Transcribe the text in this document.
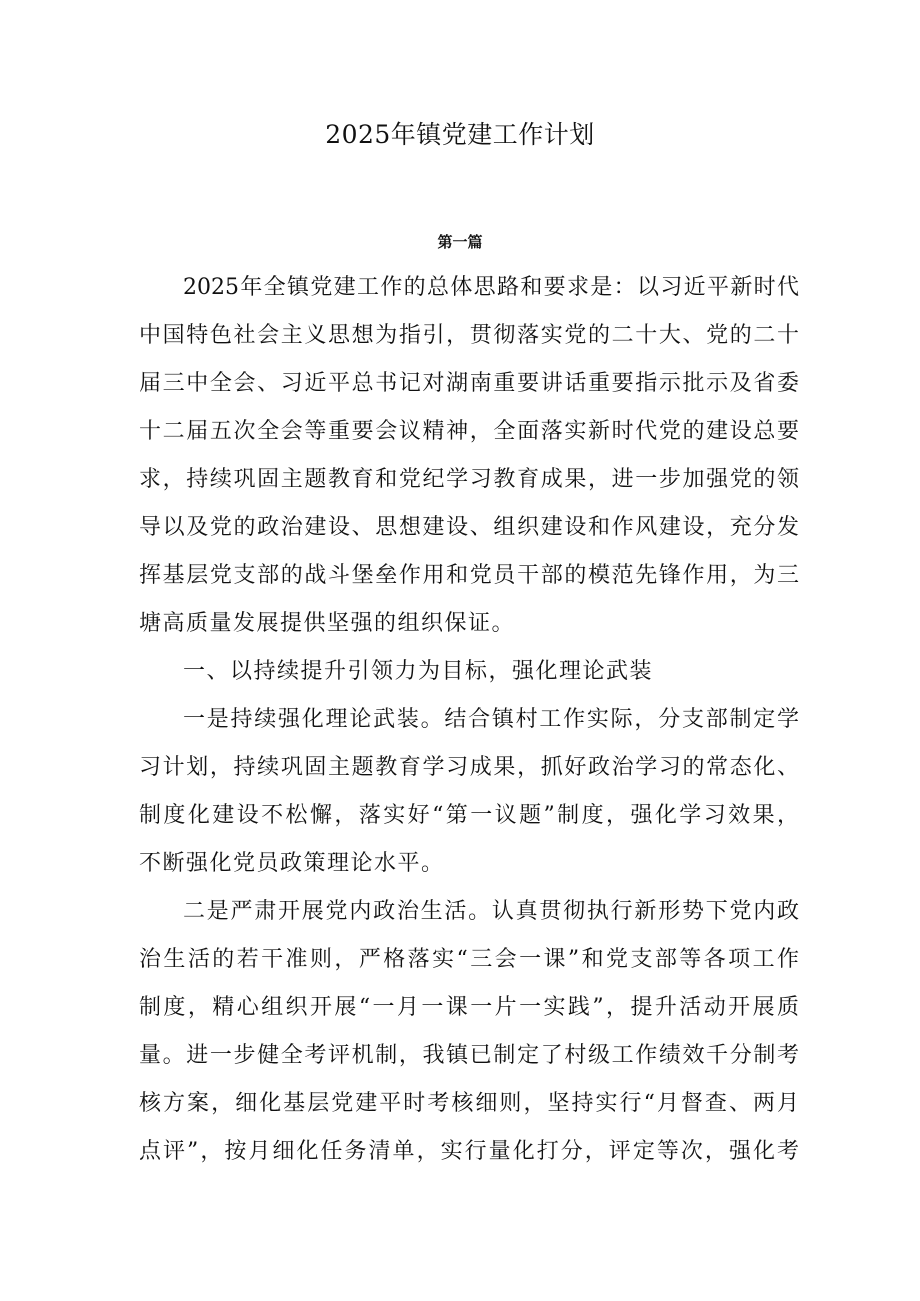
2025年镇党建工作计划
第一篇
2025年全镇党建工作的总体思路和要求是：以习近平新时代
中国特色社会主义思想为指引，贯彻落实党的二十大、党的二十
届三中全会、习近平总书记对湖南重要讲话重要指示批示及省委
十二届五次全会等重要会议精神，全面落实新时代党的建设总要
求，持续巩固主题教育和党纪学习教育成果，进一步加强党的领
导以及党的政治建设、思想建设、组织建设和作风建设，充分发
挥基层党支部的战斗堡垒作用和党员干部的模范先锋作用，为三
塘高质量发展提供坚强的组织保证。
一、以持续提升引领力为目标，强化理论武装
一是持续强化理论武装。结合镇村工作实际，分支部制定学
习计划，持续巩固主题教育学习成果，抓好政治学习的常态化、
制度化建设不松懈，落实好“第一议题”制度，强化学习效果，
不断强化党员政策理论水平。
二是严肃开展党内政治生活。认真贯彻执行新形势下党内政
治生活的若干准则，严格落实“三会一课”和党支部等各项工作
制度，精心组织开展“一月一课一片一实践”，提升活动开展质
量。进一步健全考评机制，我镇已制定了村级工作绩效千分制考
核方案，细化基层党建平时考核细则，坚持实行“月督查、两月
点评”，按月细化任务清单，实行量化打分，评定等次，强化考
